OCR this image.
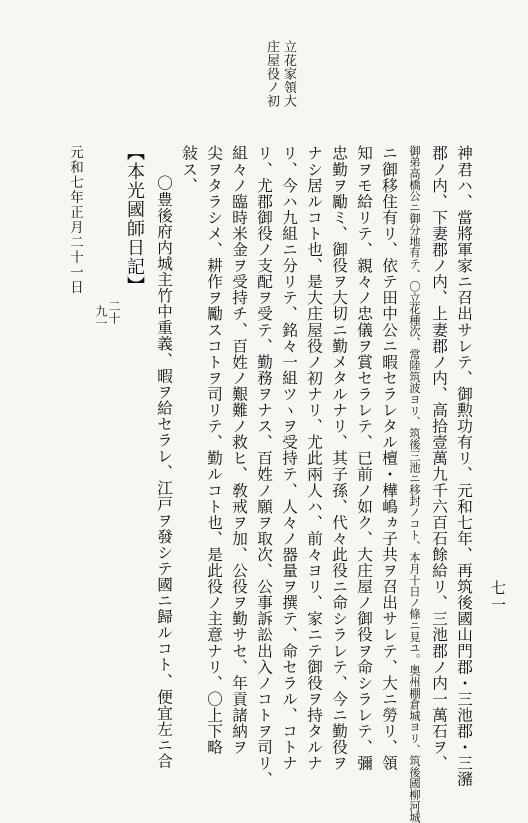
立花家領大
庄屋役ノ初
神君ハ、當將軍家ニ召出サレテ、御勲功有リ、元和七年、再筑後國山門郡・三池郡・三瀦
郡ノ内、下妻郡ノ内、上妻郡ノ内、高拾壹萬九千六百石餘給リ、三池郡ノ内一萬石ヲ、
御弟高橋公ニ御分地有テ、〇立花種次、常陸筑波ヨリ、筑後三池ニ移封ノコト、本月十日ノ條ニ見ユ。奥州棚倉城ヨリ、筑後國柳河城
ニ御移住有リ、依テ田中公ニ暇セラレタル檀・樺嶋ヵ子共ヲ召出サレテ、大ニ勞リ、領
知ヲモ給リテ、親々ノ忠儀ヲ賞セラレテ、已前ノ如ク、大庄屋ノ御役ヲ命シラレテ、彌
忠勤ヲ勵ミ、御役ヲ大切ニ勤メタルナリ、其子孫、代々此役ニ命シラレテ、今ニ勤役ヲ
ナシ居ルコト也、是大庄屋役ノ初ナリ、尤此兩人ハ、前々ヨリ、家ニテ御役ヲ持タルナ
リ、今ハ九組ニ分リテ、銘々一組ツヽヲ受持テ、人々ノ器量ヲ撰テ、命セラル、コトナ
リ、尤郡御役ノ支配ヲ受テ、勤務ヲナス、百姓ノ願ヲ取次、公事訴訟出入ノコトヲ司リ、
組々ノ臨時米金ヲ受持チ、百姓ノ艱難ノ救ヒ、敎戒ヲ加、公役ヲ勤サセ、年貢諸納ヲ
尖ヲタラシメ、耕作ヲ勵スコトヲ司リテ、勤ルコト也、是此役ノ主意ナリ、〇上下略
敍ス、
〇豊後府内城主竹中重義、暇ヲ給セラレ、江戸ヲ發シテ國ニ歸ルコト、便宜左ニ合
【本光國師日記】
二十
九一
元和七年正月二十一日
七一
